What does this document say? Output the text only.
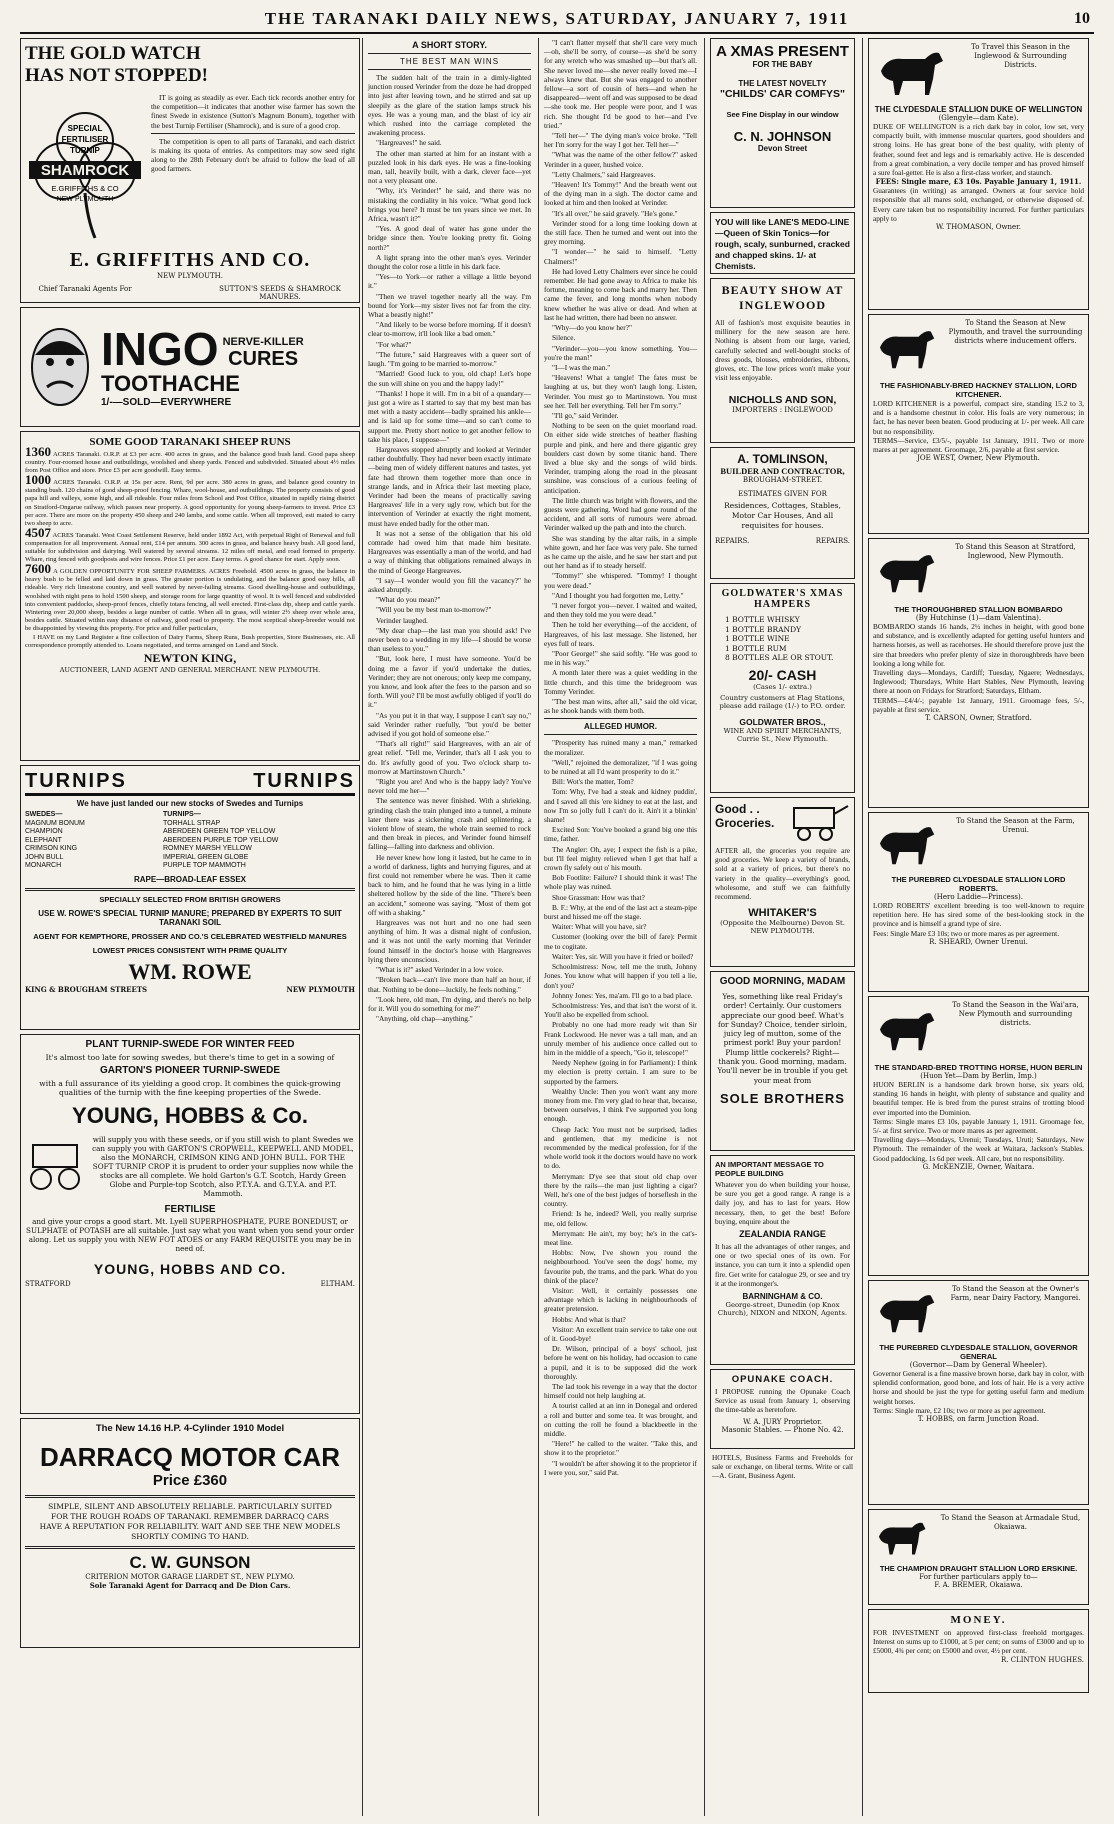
THE TARANAKI DAILY NEWS, SATURDAY, JANUARY 7, 1911	10
THE GOLD WATCH HAS NOT STOPPED!
SPECIAL
FERTILISER
TURNIP
SHAMROCK
E.GRIFFITHS & CO
NEW PLYMOUTH

IT is going as steadily as ever. Each tick records another entry for the competition—it indicates that another wise farmer has sown the finest Swede in existence (Sutton's Magnum Bonum), together with the best Turnip Fertiliser (Shamrock), and is sure of a good crop.

The competition is open to all parts of Taranaki, and each district is making its quota of entries. As competitors may sow seed right along to the 28th February don't be afraid to follow the lead of all good farmers.

E. GRIFFITHS AND CO.
NEW PLYMOUTH.
Chief Taranaki Agents For	SUTTON'S SEEDS & SHAMROCK MANURES.
INGO NERVE-KILLER
CURES
TOOTHACHE
1/-—SOLD—EVERYWHERE
SOME GOOD TARANAKI SHEEP RUNS

1360 ACRES Taranaki. O.R.P. at £3 per acre. 400 acres in grass, and the balance good bush land. Good papa sheep country. Four-roomed house and outbuildings, woolshed and sheep yards. Fenced and subdivided. Situated about 4½ miles from Post Office and store. Price £3 per acre goodwill. Easy terms.

1000 ACRES Taranaki. O.R.P. at 15s per acre. Rent, 9d per acre. 380 acres in grass, and balance good country in standing bush. 120 chains of good sheep-proof fencing. Whare, wool-house, and outbuildings. The property consists of good papa hill and valleys, some high, and all rideable. Four miles from School and Post Office, situated in rapidly rising district on Stratford-Ongarue railway, which passes near property. A good opportunity for young sheep-farmers to invest. Price £3 per acre. There are more on the property 450 sheep and 240 lambs, and some cattle. When all improved, esti mated to carry two sheep to acre.

4507 ACRES Taranaki. West Coast Settlement Reserve, held under 1892 Act, with perpetual Right of Renewal and full compensation for all improvement. Annual rent, £14 per annum. 300 acres in grass, and balance heavy bush. All good land, suitable for subdivision and dairying. Well watered by several streams. 12 miles off metal, and road formed to property. Whare, ring fenced with goodposts and wire fences. Price £1 per acre. Easy terms. A good chance for start. Apply soon.

7600 A GOLDEN OPPORTUNITY FOR SHEEP FARMERS. ACRES Freehold. 4500 acres in grass, the balance in heavy bush to be felled and laid down in grass. The greater portion is undulating, and the balance good easy hills, all rideable. Very rich limestone country, and well watered by never-failing streams. Good dwelling-house and outbuildings, woolshed with night pens to hold 1500 sheep, and storage room for large quantity of wool. It is well fenced and subdivided into convenient paddocks, sheep-proof fences, chiefly totara fencing, all well erected. First-class dip, sheep and cattle yards. Wintering over 20,000 sheep, besides a large number of cattle. When all in grass, will winter 2½ sheep over whole area, besides cattle. Situated within easy distance of railway, good road to property. The most sceptical sheep-breeder would not be disappointed by viewing this property. For price and fuller particulars,

I HAVE on my Land Register a fine collection of Dairy Farms, Sheep Runs, Bush properties, Store Businesses, etc. All correspondence promptly attended to. Loans negotiated, and terms arranged on Land and Stock.

NEWTON KING,
AUCTIONEER, LAND AGENT AND GENERAL MERCHANT. NEW PLYMOUTH.
TURNIPS	TURNIPS
We have just landed our new stocks of Swedes and Turnips
SWEDES—
MAGNUM BONUM
CHAMPION
ELEPHANT
CRIMSON KING
JOHN BULL
MONARCH
TURNIPS—
TORHALL STRAP
ABERDEEN GREEN TOP YELLOW
ABERDEEN PURPLE TOP YELLOW
ROMNEY MARSH YELLOW
IMPERIAL GREEN GLOBE
PURPLE TOP MAMMOTH
RAPE—BROAD-LEAF ESSEX
SPECIALLY SELECTED FROM BRITISH GROWERS
USE W. ROWE'S SPECIAL TURNIP MANURE; PREPARED BY EXPERTS TO SUIT TARANAKI SOIL
AGENT FOR KEMPTHORE, PROSSER AND CO.'S CELEBRATED WESTFIELD MANURES
LOWEST PRICES CONSISTENT WITH PRIME QUALITY
WM. ROWE
KING & BROUGHAM STREETS	NEW PLYMOUTH
PLANT TURNIP-SWEDE FOR WINTER FEED
It's almost too late for sowing swedes, but there's time to get in a sowing of
GARTON'S PIONEER TURNIP-SWEDE
with a full assurance of its yielding a good crop. It combines the quick-growing qualities of the turnip with the fine keeping properties of the Swede.
YOUNG, HOBBS & Co.
will supply you with these seeds, or if you still wish to plant Swedes we can supply you with GARTON'S CROPWELL, KEEPWELL AND MODEL, also the MONARCH, CRIMSON KING AND JOHN BULL. FOR THE SOFT TURNIP CROP it is prudent to order your supplies now while the stocks are all complete. We hold Garton's G.T. Scotch, Hardy Green Globe and Purple-top Scotch, also P.T.Y.A. and G.T.Y.A. and P.T. Mammoth.
FERTILISE
and give your crops a good start. Mt. Lyell SUPERPHOSPHATE, PURE BONEDUST, or SULPHATE of POTASH are all suitable. Just say what you want when you send your order along. Let us supply you with NEW FOT ATOES or any FARM REQUISITE you may be in need of.
YOUNG, HOBBS AND CO.
STRATFORD	ELTHAM.
The New 14.16 H.P. 4-Cylinder 1910 Model
DARRACQ MOTOR CAR
Price £360
SIMPLE, SILENT AND ABSOLUTELY RELIABLE. PARTICULARLY SUITED FOR THE ROUGH ROADS OF TARANAKI. REMEMBER DARRACQ CARS HAVE A REPUTATION FOR RELIABILITY. WAIT AND SEE THE NEW MODELS SHORTLY COMING TO HAND.
C. W. GUNSON
CRITERION MOTOR GARAGE LIARDET ST., NEW PLYMO.
Sole Taranaki Agent for Darracq and De Dion Cars.
A SHORT STORY.
THE BEST MAN WINS

The sudden halt of the train in a dimly-lighted junction roused Verinder from the doze he had dropped into just after leaving town, and he stirred and sat up sleepily as the glare of the station lamps struck his eyes. He was a young man, and the blast of icy air which rushed into the carriage completed the awakening process.

"Hargreaves!" he said.

The other man started at him for an instant with a puzzled look in his dark eyes. He was a fine-looking man, tall, heavily built, with a dark, clever face—yet not a very pleasant one.

"Why, it's Verinder!" he said, and there was no mistaking the cordiality in his voice. "What good luck brings you here? It must be ten years since we met. In Africa, wasn't it?"

"Yes. A good deal of water has gone under the bridge since then. You're looking pretty fit. Going north?"

A light sprang into the other man's eyes. Verinder thought the color rose a little in his dark face.

"Yes—to York—or rather a village a little beyond it."

"Then we travel together nearly all the way. I'm bound for York—my sister lives not far from the city. What a beastly night!"

"And likely to be worse before morning. If it doesn't clear to-morrow, it'll look like a bad omen."

"For what?"

"The future," said Hargreaves with a queer sort of laugh. "I'm going to be married to-morrow."

"Married! Good luck to you, old chap! Let's hope the sun will shine on you and the happy lady!"

"Thanks! I hope it will. I'm in a bit of a quandary—just got a wire as I started to say that my best man has met with a nasty accident—badly sprained his ankle—and is laid up for some time—and so can't come to support me. Pretty short notice to get another fellow to take his place, I suppose—"

Hargreaves stopped abruptly and looked at Verinder rather doubtfully. They had never been exactly intimate—being men of widely different natures and tastes, yet fate had thrown them together more than once in strange lands, and in Africa their last meeting place, Verinder had been the means of practically saving Hargreaves' life in a very ugly row, which but for the intervention of Verinder at exactly the right moment, must have ended badly for the other man.

It was not a sense of the obligation that his old comrade had owed him that made him hesitate. Hargreaves was essentially a man of the world, and had a way of thinking that obligations remained always in the mind of George Hargreaves.

"I say—I wonder would you fill the vacancy?" he asked abruptly.

"What do you mean?"

"Will you be my best man to-morrow?"

Verinder laughed.

"My dear chap—the last man you should ask! I've never been to a wedding in my life—I should be worse than useless to you."

"But, look here, I must have someone. You'd be doing me a favor if you'd undertake the duties, Verinder; they are not onerous; only keep me company, you know, and look after the fees to the parson and so forth. Will you? I'll be most awfully obliged if you'll do it."

"As you put it in that way, I suppose I can't say no," said Verinder rather ruefully, "but you'd be better advised if you got hold of someone else."

"That's all right!" said Hargreaves, with an air of great relief. "Tell me, Verinder, that's all I ask you to do. It's awfully good of you. Two o'clock sharp to-morrow at Martinstown Church."

"Right you are! And who is the happy lady? You've never told me her—"

The sentence was never finished. With a shrieking, grinding clash the train plunged into a tunnel, a minute later there was a sickening crash and splintering, a violent blow of steam, the whole train seemed to rock and then break in pieces, and Verinder found himself falling—falling into darkness and oblivion.

He never knew how long it lasted, but he came to in a world of darkness, lights and hurrying figures, and at first could not remember where he was. Then it came back to him, and he found that he was lying in a little sheltered hollow by the side of the line. "There's been an accident," someone was saying. "Most of them got off with a shaking."

Hargreaves was not hurt and no one had seen anything of him. It was a dismal night of confusion, and it was not until the early morning that Verinder found himself in the doctor's house with Hargreaves lying there unconscious.

"What is it?" asked Verinder in a low voice.

"Broken back—can't live more than half an hour, if that. Nothing to be done—luckily, he feels nothing."

"Look here, old man, I'm dying, and there's no help for it. Will you do something for me?"

"Anything, old chap—anything."

"I can't flatter myself that she'll care very much—oh, she'll be sorry, of course—as she'd be sorry for any wretch who was smashed up—but that's all. She never loved me—she never really loved me—I always knew that. But she was engaged to another fellow—a sort of cousin of hers—and when he disappeared—went off and was supposed to be dead—she took me. Her people were poor, and I was rich. She thought I'd be good to her—and I've tried."

"Tell her—" The dying man's voice broke. "Tell her I'm sorry for the way I got her. Tell her—"

"What was the name of the other fellow?" asked Verinder in a queer, hushed voice.

"Letty Chalmers," said Hargreaves.

"Heaven! It's Tommy!" And the breath went out of the dying man in a sigh. The doctor came and looked at him and then looked at Verinder.

"It's all over," he said gravely. "He's gone."

Verinder stood for a long time looking down at the still face. Then he turned and went out into the grey morning.

"I wonder—" he said to himself. "Letty Chalmers!"

He had loved Letty Chalmers ever since he could remember. He had gone away to Africa to make his fortune, meaning to come back and marry her. Then came the fever, and long months when nobody knew whether he was alive or dead. And when at last he had written, there had been no answer.

"Why—do you know her?"

Silence.

"Verinder—you—you know something. You—you're the man!"

"I—I was the man."

"Heavens! What a tangle! The fates must be laughing at us, but they won't laugh long. Listen, Verinder. You must go to Martinstown. You must see her. Tell her everything. Tell her I'm sorry."

"I'll go," said Verinder.

Nothing to be seen on the quiet moorland road. On either side wide stretches of heather flashing purple and pink, and here and there gigantic grey boulders cast down by some titanic hand. There lived a blue sky and the songs of wild birds. Verinder, tramping along the road in the pleasant sunshine, was conscious of a curious feeling of anticipation.

The little church was bright with flowers, and the guests were gathering. Word had gone round of the accident, and all sorts of rumours were abroad. Verinder walked up the path and into the church.

She was standing by the altar rails, in a simple white gown, and her face was very pale. She turned as he came up the aisle, and he saw her start and put out her hand as if to steady herself.

"Tommy!" she whispered. "Tommy! I thought you were dead."

"And I thought you had forgotten me, Letty."

"I never forgot you—never. I waited and waited, and then they told me you were dead."

Then he told her everything—of the accident, of Hargreaves, of his last message. She listened, her eyes full of tears.

"Poor George!" she said softly. "He was good to me in his way."

A month later there was a quiet wedding in the little church, and this time the bridegroom was Tommy Verinder.

"The best man wins, after all," said the old vicar, as he shook hands with them both.

ALLEGED HUMOR.

"Prosperity has ruined many a man," remarked the moralizer.

"Well," rejoined the demoralizer, "if I was going to be ruined at all I'd want prosperity to do it."

Bill: Wot's the matter, Tom?

Tom: Why, I've had a steak and kidney puddin', and I saved all this 'ere kidney to eat at the last, and now I'm so jolly full I can't do it. Ain't it a blinkin' shame!

Excited Son: You've booked a grand big one this time, father.

The Angler: Oh, aye; I expect the fish is a pike, but I'll feel mighty relieved when I get that half a crown fly safely out o' his mouth.

Bob Footlite: Failure? I should think it was! The whole play was ruined.

Shoe Grassman: How was that?

B. F.: Why, at the end of the last act a steam-pipe burst and hissed me off the stage.

Waiter: What will you have, sir?

Customer (looking over the bill of fare): Permit me to cogitate.

Waiter: Yes, sir. Will you have it fried or boiled?

Schoolmistress: Now, tell me the truth, Johnny Jones. You know what will happen if you tell a lie, don't you?

Johnny Jones: Yes, ma'am. I'll go to a bad place.

Schoolmistress: Yes, and that isn't the worst of it. You'll also be expelled from school.

Probably no one had more ready wit than Sir Frank Lockwood. He never was a tall man, and an unruly member of his audience once called out to him in the middle of a speech, "Go it, telescope!"

Needy Nephew (going in for Parliament): I think my election is pretty certain. I am sure to be supported by the farmers.

Wealthy Uncle: Then you won't want any more money from me. I'm very glad to hear that, because, between ourselves, I think I've supported you long enough.

Cheap Jack: You must not be surprised, ladies and gentlemen, that my medicine is not recommended by the medical profession, for if the whole world took it the doctors would have no work to do.

Merryman: D'ye see that stout old chap over there by the rails—the man just lighting a cigar? Well, he's one of the best judges of horseflesh in the country.

Friend: Is he, indeed? Well, you really surprise me, old fellow.

Merryman: He ain't, my boy; he's in the cat's-meat line.

Hobbs: Now, I've shown you round the neighbourhood. You've seen the dogs' home, my favourite pub, the trams, and the park. What do you think of the place?

Visitor: Well, it certainly possesses one advantage which is lacking in neighbourhoods of greater pretension.

Hobbs: And what is that?

Visitor: An excellent train service to take one out of it. Good-bye!

Dr. Wilson, principal of a boys' school, just before he went on his holiday, had occasion to cane a pupil, and it is to be supposed did the work thoroughly.

The lad took his revenge in a way that the doctor himself could not help laughing at.

A tourist called at an inn in Donegal and ordered a roll and butter and some tea. It was brought, and on cutting the roll he found a blackbeetle in the middle.

"Here!" he called to the waiter. "Take this, and show it to the proprietor."

"I wouldn't be after showing it to the proprietor if I were you, sor," said Pat.

A XMAS PRESENT
FOR THE BABY
THE LATEST NOVELTY
"CHILDS' CAR COMFYS"
See Fine Display in our window
C. N. JOHNSON
Devon Street
YOU will like LANE'S MEDO-LINE—Queen of Skin Tonics—for rough, scaly, sunburned, cracked and chapped skins. 1/- at Chemists.
BEAUTY SHOW AT INGLEWOOD
All of fashion's most exquisite beauties in millinery for the new season are here. Nothing is absent from our large, varied, carefully selected and well-bought stocks of dress goods, blouses, embroideries, ribbons, gloves, etc. The low prices won't make your visit less enjoyable.
NICHOLLS AND SON,
IMPORTERS : INGLEWOOD
A. TOMLINSON,
BUILDER AND CONTRACTOR,
BROUGHAM-STREET.
ESTIMATES GIVEN FOR
Residences, Cottages, Stables, Motor Car Houses, And all requisites for houses.
REPAIRS.	REPAIRS.
GOLDWATER'S XMAS HAMPERS
1 BOTTLE WHISKY
1 BOTTLE BRANDY
1 BOTTLE WINE
1 BOTTLE RUM
8 BOTTLES ALE OR STOUT.
20/- CASH
(Cases 1/- extra.)
Country customers at Flag Stations, please add railage (1/-) to P.O. order.
GOLDWATER BROS.,
WINE AND SPIRIT MERCHANTS, Currie St., New Plymouth.
Good . . Groceries.
AFTER all, the groceries you require are good groceries. We keep a variety of brands, sold at a variety of prices, but there's no variety in the quality—everything's good, wholesome, and stuff we can faithfully recommend.
WHITAKER'S
(Opposite the Melbourne) Devon St. NEW PLYMOUTH.
GOOD MORNING, MADAM
Yes, something like real Friday's order! Certainly. Our customers appreciate our good beef. What's for Sunday? Choice, tender sirloin, juicy leg of mutton, some of the primest pork! Buy your pardon! Plump little cockerels? Right—thank you. Good morning, madam. You'll never be in trouble if you get your meat from
SOLE BROTHERS
AN IMPORTANT MESSAGE TO PEOPLE BUILDING
Whatever you do when building your house, be sure you get a good range. A range is a daily joy, and has to last for years. How necessary, then, to get the best! Before buying, enquire about the
ZEALANDIA RANGE
It has all the advantages of other ranges, and one or two special ones of its own. For instance, you can turn it into a splendid open fire. Get write for catalogue 29, or see and try it at the ironmonger's.
BARNINGHAM & CO.
George-street, Dunedin (op Knox Church), NIXON and NIXON, Agents.
OPUNAKE COACH.
I PROPOSE running the Opunake Coach Service as usual from January 1, observing the time-table as heretofore.
W. A. JURY Proprietor.
Masonic Stables. — Phone No. 42.
HOTELS, Business Farms and Freeholds for sale or exchange, on liberal terms. Write or call—A. Grant, Business Agent.
To Travel this Season in the Inglewood & Surrounding Districts.
THE CLYDESDALE STALLION DUKE OF WELLINGTON
(Glengyle—dam Kate).
DUKE OF WELLINGTON is a rich dark bay in color, low set, very compactly built, with immense muscular quarters, good shoulders and strong loins. He has great bone of the best quality, with plenty of feather, sound feet and legs and is remarkably active. He is descended from a great combination, a very docile temper and has proved himself a sure foal-getter. He is also a first-class worker, and staunch.
FEES: Single mare, £3 10s. Payable January 1, 1911.
Guarantees (in writing) as arranged. Owners at four service hold responsible that all mares sold, exchanged, or otherwise disposed of. Every care taken but no responsibility incurred. For further particulars apply to
W. THOMASON, Owner.
To Stand the Season at New Plymouth, and travel the surrounding districts where inducement offers.
THE FASHIONABLY-BRED HACKNEY STALLION, LORD KITCHENER.
LORD KITCHENER is a powerful, compact sire, standing 15.2 to 3, and is a handsome chestnut in color. His foals are very numerous; in fact, he has never been beaten. Good producing at 1/- per week. All care but no responsibility.
TERMS—Service, £3/5/-, payable 1st January, 1911. Two or more mares at per agreement. Groomage, 2/6, payable at first service.
JOE WEST, Owner, New Plymouth.
To Stand this Season at Stratford, Inglewood, New Plymouth.
THE THOROUGHBRED STALLION BOMBARDO
(By Hutchinse (1)—dam Valentina).
BOMBARDO stands 16 hands, 2½ inches in height, with good bone and substance, and is excellently adapted for getting useful hunters and harness horses, as well as racehorses. He should therefore prove just the sire that breeders who prefer plenty of size in thoroughbreds have been looking a long while for.
Travelling days—Mondays, Cardiff; Tuesday, Ngaere; Wednesdays, Inglewood; Thursdays, White Hart Stables, New Plymouth, leaving there at noon on Fridays for Stratford; Saturdays, Eltham.
TERMS—£4/4/-; payable 1st January, 1911. Groomage fees, 5/-, payable at first service.
T. CARSON, Owner, Stratford.
To Stand the Season at the Farm, Urenui.
THE PUREBRED CLYDESDALE STALLION LORD ROBERTS.
(Hero Laddie—Princess).
LORD ROBERTS' excellent breeding is too well-known to require repetition here. He has sired some of the best-looking stock in the province and is himself a grand type of sire.
Fees: Single Mare £3 10s; two or more mares as per agreement.
R. SHEARD, Owner Urenui.
To Stand the Season in the Wai'ara, New Plymouth and surrounding districts.
THE STANDARD-BRED TROTTING HORSE, HUON BERLIN
(Huon Yet—Dam by Berlin, Imp.)
HUON BERLIN is a handsome dark brown horse, six years old, standing 16 hands in height, with plenty of substance and quality and beautiful temper. He is bred from the purest strains of trotting blood ever imported into the Dominion.
Terms: Single mares £3 10s, payable January 1, 1911. Groomage fee, 5/- at first service. Two or more mares as per agreement.
Travelling days—Mondays, Urenui; Tuesdays, Uruti; Saturdays, New Plymouth. The remainder of the week at Waitara, Jackson's Stables. Good paddocking, 1s 6d per week. All care, but no responsibility.
G. McKENZIE, Owner, Waitara.
To Stand the Season at the Owner's Farm, near Dairy Factory, Mangorei.
THE PUREBRED CLYDESDALE STALLION, GOVERNOR GENERAL
(Governor—Dam by General Wheeler).
Governor General is a fine massive brown horse, dark bay in color, with splendid conformation, good bone, and lots of hair. He is a very active horse and should be just the type for getting useful farm and medium weight horses.
Terms: Single mare, £2 10s; two or more as per agreement.
T. HOBBS, on farm Junction Road.
To Stand the Season at Armadale Stud, Okaiawa.
THE CHAMPION DRAUGHT STALLION LORD ERSKINE.
For further particulars apply to—
F. A. BREMER, Okaiawa.
MONEY.
FOR INVESTMENT on approved first-class freehold mortgages. Interest on sums up to £1000, at 5 per cent; on sums of £3000 and up to £5000, 4¾ per cent; on £5000 and over, 4½ per cent.
R. CLINTON HUGHES.
